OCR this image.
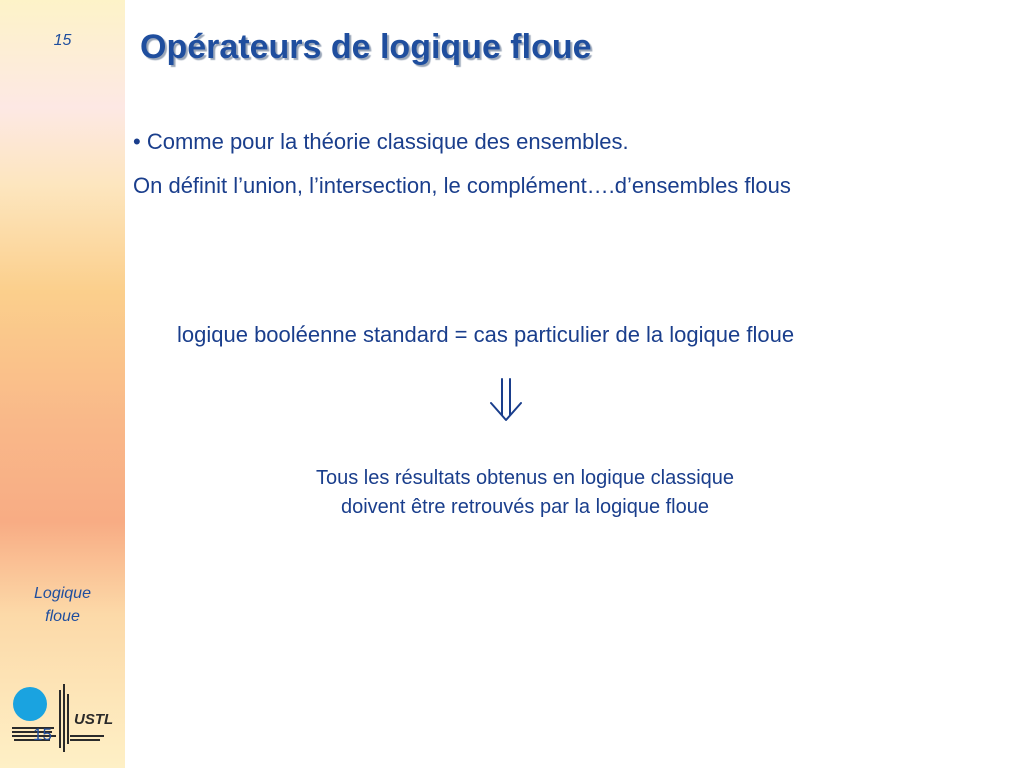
15
Logique
floue
USTL
15
Opérateurs de logique floue
• Comme pour la théorie classique des ensembles.
On définit l’union, l’intersection, le complément….d’ensembles flous
logique booléenne standard = cas particulier de la logique floue
Tous les résultats obtenus en logique classique
doivent être retrouvés par la logique floue
